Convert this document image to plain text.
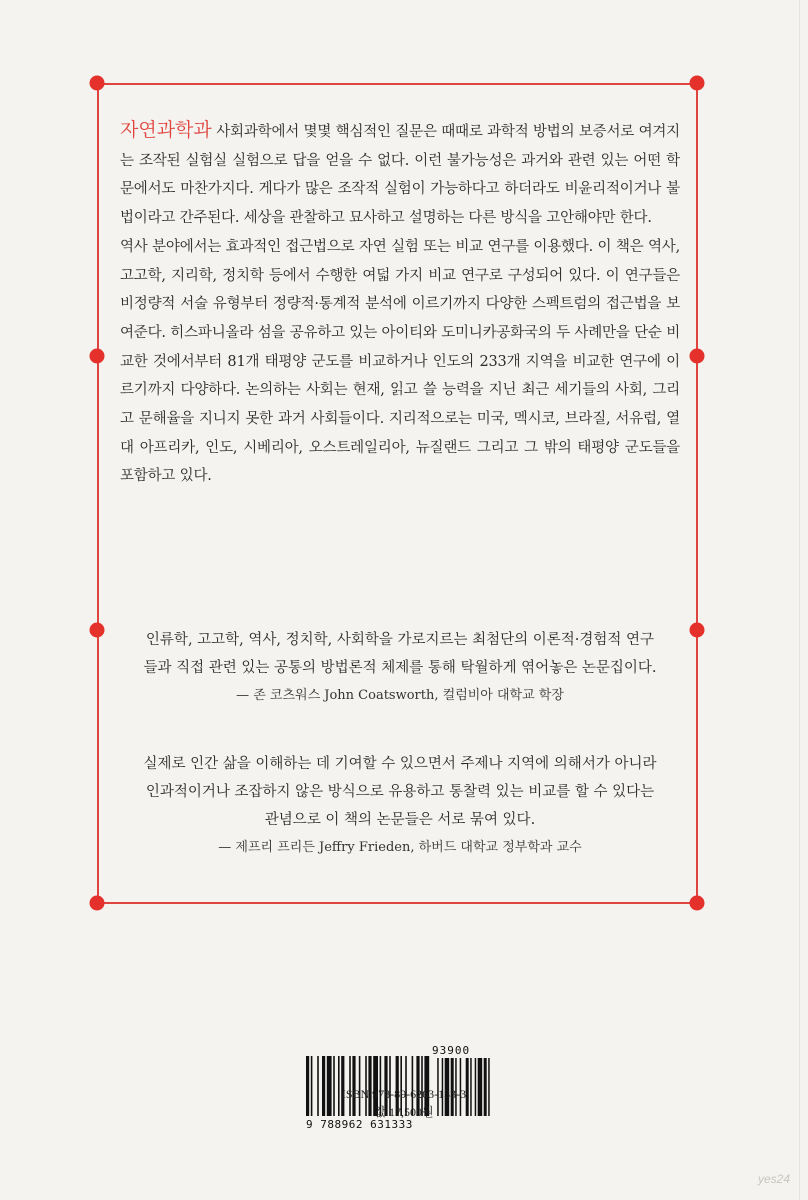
자연과학과 사회과학에서 몇몇 핵심적인 질문은 때때로 과학적 방법의 보증서로 여겨지는 조작된 실험실 실험으로 답을 얻을 수 없다. 이런 불가능성은 과거와 관련 있는 어떤 학문에서도 마찬가지다. 게다가 많은 조작적 실험이 가능하다고 하더라도 비윤리적이거나 불법이라고 간주된다. 세상을 관찰하고 묘사하고 설명하는 다른 방식을 고안해야만 한다.

역사 분야에서는 효과적인 접근법으로 자연 실험 또는 비교 연구를 이용했다. 이 책은 역사, 고고학, 지리학, 정치학 등에서 수행한 여덟 가지 비교 연구로 구성되어 있다. 이 연구들은 비정량적 서술 유형부터 정량적·통계적 분석에 이르기까지 다양한 스펙트럼의 접근법을 보여준다. 히스파니올라 섬을 공유하고 있는 아이티와 도미니카공화국의 두 사례만을 단순 비교한 것에서부터 81개 태평양 군도를 비교하거나 인도의 233개 지역을 비교한 연구에 이르기까지 다양하다. 논의하는 사회는 현재, 읽고 쓸 능력을 지닌 최근 세기들의 사회, 그리고 문해율을 지니지 못한 과거 사회들이다. 지리적으로는 미국, 멕시코, 브라질, 서유럽, 열대 아프리카, 인도, 시베리아, 오스트레일리아, 뉴질랜드 그리고 그 밖의 태평양 군도들을 포함하고 있다.

인류학, 고고학, 역사, 정치학, 사회학을 가로지르는 최첨단의 이론적·경험적 연구

들과 직접 관련 있는 공통의 방법론적 체제를 통해 탁월하게 엮어놓은 논문집이다.

— 존 코츠워스 John Coatsworth, 컬럼비아 대학교 학장

실제로 인간 삶을 이해하는 데 기여할 수 있으면서 주제나 지역에 의해서가 아니라

인과적이거나 조잡하지 않은 방식으로 유용하고 통찰력 있는 비교를 할 수 있다는

관념으로 이 책의 논문들은 서로 묶여 있다.

— 제프리 프리든 Jeffry Frieden, 하버드 대학교 정부학과 교수

93900
9 788962 631333
ISBN 978-89-6263-133-3
값 17,500원
yes24
